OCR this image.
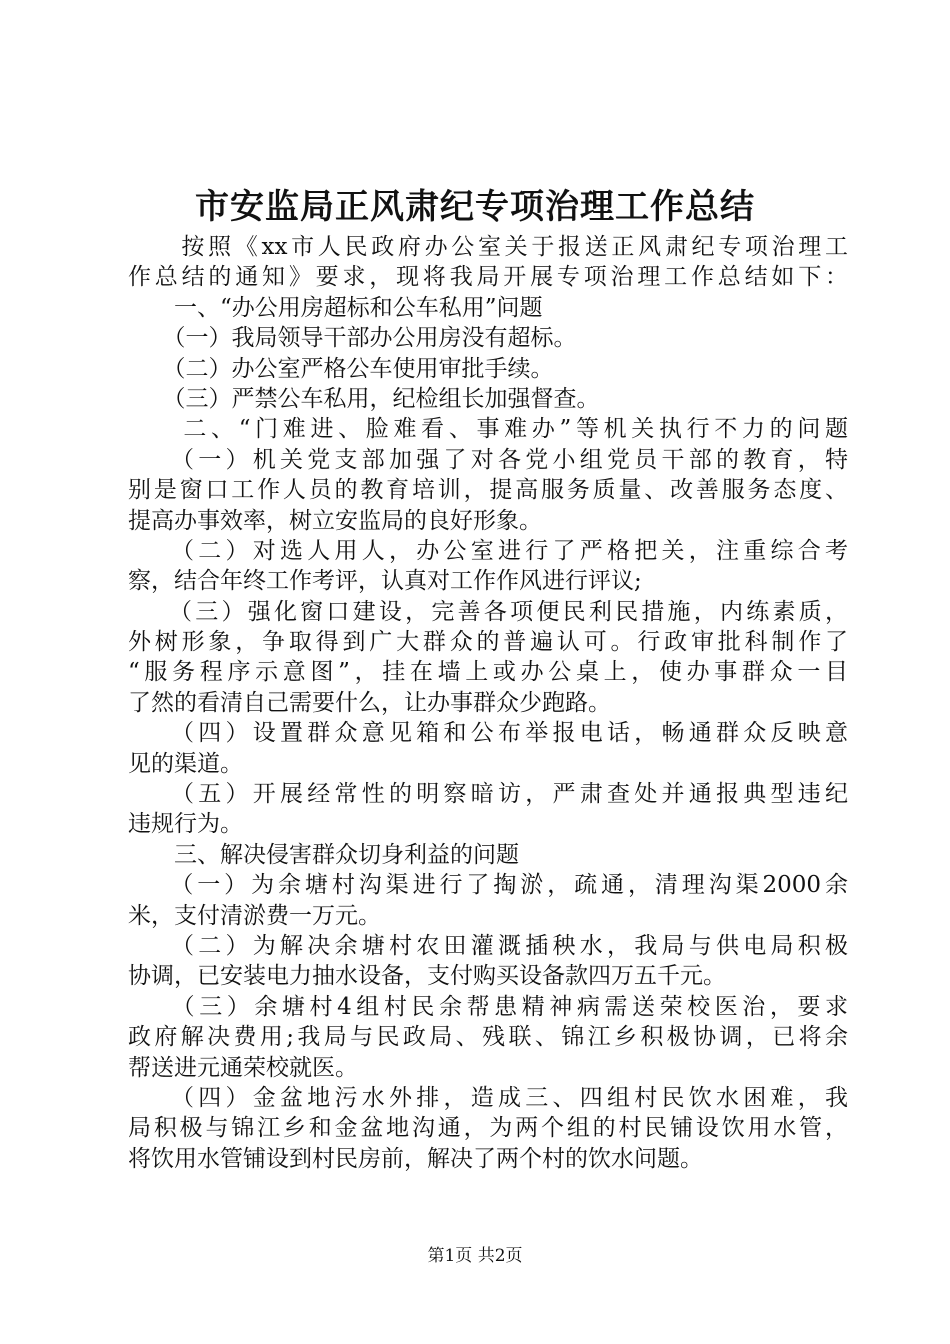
市安监局正风肃纪专项治理工作总结
　　按照《xx市人民政府办公室关于报送正风肃纪专项治理工
作总结的通知》要求，现将我局开展专项治理工作总结如下：
　　一、“办公用房超标和公车私用”问题
　　（一）我局领导干部办公用房没有超标。
　　（二）办公室严格公车使用审批手续。
　　（三）严禁公车私用，纪检组长加强督查。
　　二、“门难进、脸难看、事难办”等机关执行不力的问题
　　（一）机关党支部加强了对各党小组党员干部的教育，特
别是窗口工作人员的教育培训，提高服务质量、改善服务态度、
提高办事效率，树立安监局的良好形象。
　　（二）对选人用人，办公室进行了严格把关，注重综合考
察，结合年终工作考评，认真对工作作风进行评议;
　　（三）强化窗口建设，完善各项便民利民措施，内练素质，
外树形象，争取得到广大群众的普遍认可。行政审批科制作了
“服务程序示意图”，挂在墙上或办公桌上，使办事群众一目
了然的看清自己需要什么，让办事群众少跑路。
　　（四）设置群众意见箱和公布举报电话，畅通群众反映意
见的渠道。
　　（五）开展经常性的明察暗访，严肃查处并通报典型违纪
违规行为。
　　三、解决侵害群众切身利益的问题
　　（一）为余塘村沟渠进行了掏淤，疏通，清理沟渠2000余
米，支付清淤费一万元。
　　（二）为解决余塘村农田灌溉插秧水，我局与供电局积极
协调，已安装电力抽水设备，支付购买设备款四万五千元。
　　（三）余塘村4组村民余帮患精神病需送荣校医治，要求
政府解决费用;我局与民政局、残联、锦江乡积极协调，已将余
帮送进元通荣校就医。
　　（四）金盆地污水外排，造成三、四组村民饮水困难，我
局积极与锦江乡和金盆地沟通，为两个组的村民铺设饮用水管，
将饮用水管铺设到村民房前，解决了两个村的饮水问题。
第1页 共2页
